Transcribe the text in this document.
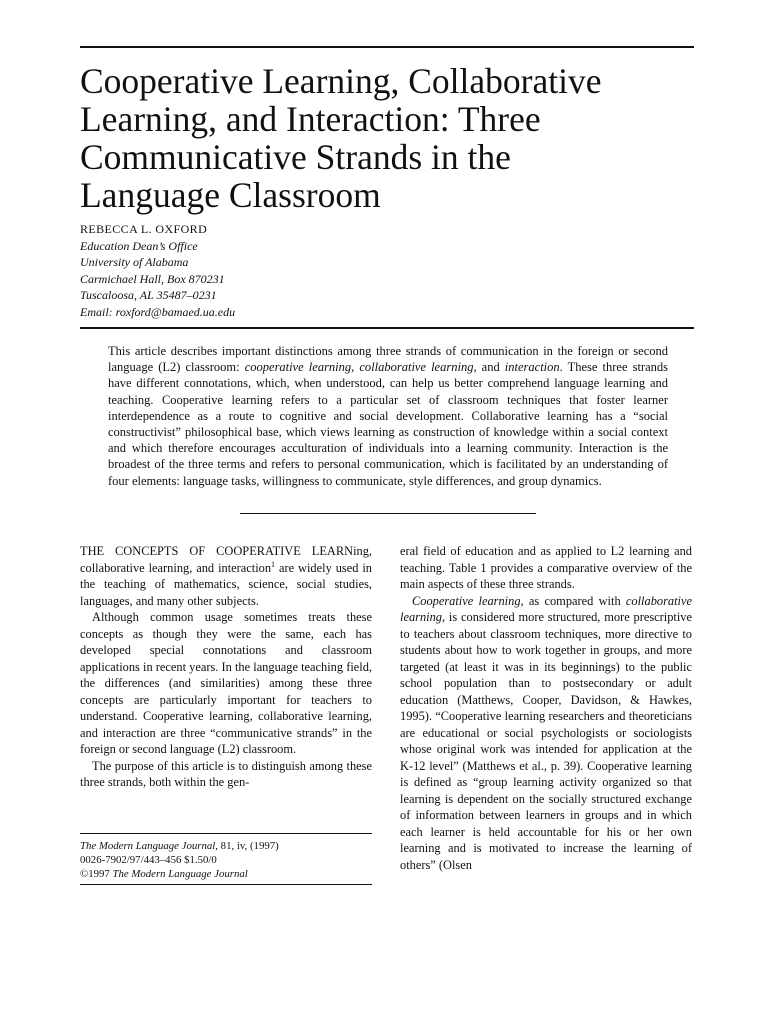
Cooperative Learning, Collaborative
Learning, and Interaction: Three
Communicative Strands in the
Language Classroom
REBECCA L. OXFORD
Education Dean’s Office
University of Alabama
Carmichael Hall, Box 870231
Tuscaloosa, AL 35487–0231
Email: roxford@bamaed.ua.edu

This article describes important distinctions among three strands of communication in the foreign or second language (L2) classroom: cooperative learning, collaborative learning, and interaction. These three strands have different connotations, which, when understood, can help us better comprehend language learning and teaching. Cooperative learning refers to a particular set of classroom techniques that foster learner interdependence as a route to cognitive and social development. Collaborative learning has a “social constructivist” philosophical base, which views learning as construction of knowledge within a social context and which therefore encourages acculturation of individuals into a learning community. Interaction is the broadest of the three terms and refers to personal communication, which is facilitated by an understanding of four elements: language tasks, willingness to communicate, style differences, and group dynamics.

THE CONCEPTS OF COOPERATIVE LEARNing, collaborative learning, and interaction$^1$ are widely used in the teaching of mathematics, science, social studies, languages, and many other subjects.

Although common usage sometimes treats these concepts as though they were the same, each has developed special connotations and classroom applications in recent years. In the language teaching field, the differences (and similarities) among these three concepts are particularly important for teachers to understand. Cooperative learning, collaborative learning, and interaction are three “communicative strands” in the foreign or second language (L2) classroom.

The purpose of this article is to distinguish among these three strands, both within the gen-

eral field of education and as applied to L2 learning and teaching. Table 1 provides a comparative overview of the main aspects of these three strands.

Cooperative learning, as compared with collaborative learning, is considered more structured, more prescriptive to teachers about classroom techniques, more directive to students about how to work together in groups, and more targeted (at least it was in its beginnings) to the public school population than to postsecondary or adult education (Matthews, Cooper, Davidson, & Hawkes, 1995). “Cooperative learning researchers and theoreticians are educational or social psychologists or sociologists whose original work was intended for application at the K-12 level” (Matthews et al., p. 39). Cooperative learning is defined as “group learning activity organized so that learning is dependent on the socially structured exchange of information between learners in groups and in which each learner is held accountable for his or her own learning and is motivated to increase the learning of others” (Olsen

The Modern Language Journal, 81, iv, (1997)
0026-7902/97/443–456 $1.50/0
©1997 The Modern Language Journal
